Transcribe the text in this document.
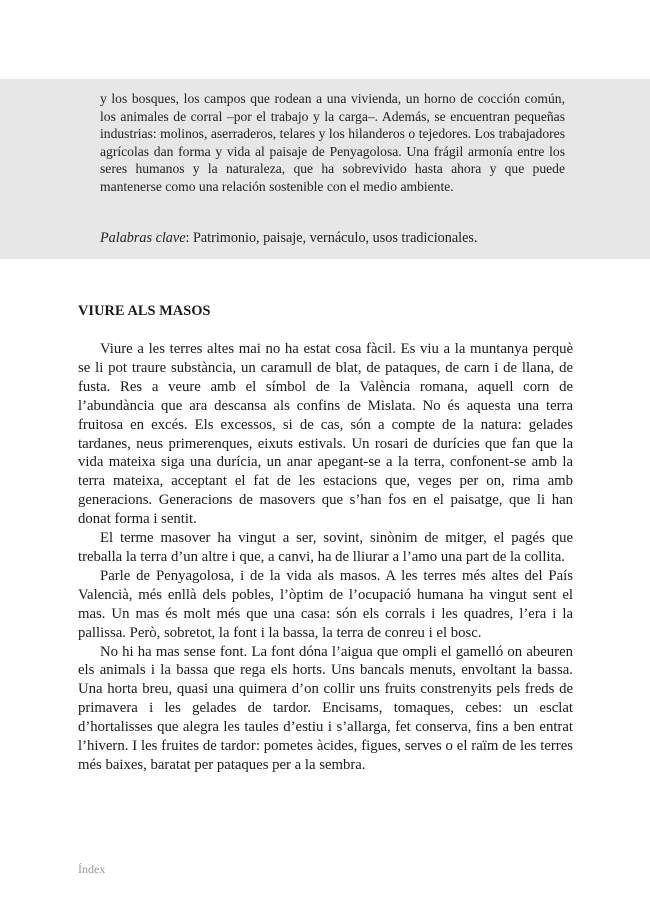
y los bosques, los campos que rodean a una vivienda, un horno de cocción común, los animales de corral –por el trabajo y la carga–. Además, se encuentran pequeñas industrias: molinos, aserraderos, telares y los hilanderos o tejedores. Los trabajadores agrícolas dan forma y vida al paisaje de Penyagolosa. Una frágil armonía entre los seres humanos y la naturaleza, que ha sobrevivido hasta ahora y que puede mantenerse como una relación sostenible con el medio ambiente.

Palabras clave: Patrimonio, paisaje, vernáculo, usos tradicionales.
VIURE ALS MASOS

Viure a les terres altes mai no ha estat cosa fàcil. Es viu a la muntanya perquè se li pot traure substància, un caramull de blat, de pataques, de carn i de llana, de fusta. Res a veure amb el símbol de la València romana, aquell corn de l’abundància que ara descansa als confins de Mislata. No és aquesta una terra fruitosa en excés. Els excessos, si de cas, són a compte de la natura: gelades tardanes, neus primerenques, eixuts estivals. Un rosari de durícies que fan que la vida mateixa siga una durícia, un anar apegant-se a la terra, confonent-se amb la terra mateixa, acceptant el fat de les estacions que, veges per on, rima amb generacions. Generacions de masovers que s’han fos en el paisatge, que li han donat forma i sentit.

El terme masover ha vingut a ser, sovint, sinònim de mitger, el pagés que treballa la terra d’un altre i que, a canvi, ha de lliurar a l’amo una part de la collita.

Parle de Penyagolosa, i de la vida als masos. A les terres més altes del País Valencià, més enllà dels pobles, l’òptim de l’ocupació humana ha vingut sent el mas. Un mas és molt més que una casa: són els corrals i les quadres, l’era i la pallissa. Però, sobretot, la font i la bassa, la terra de conreu i el bosc.

No hi ha mas sense font. La font dóna l’aigua que ompli el gamelló on abeuren els animals i la bassa que rega els horts. Uns bancals menuts, envoltant la bassa. Una horta breu, quasi una quimera d’on collir uns fruits constrenyits pels freds de primavera i les gelades de tardor. Encisams, tomaques, cebes: un esclat d’hortalisses que alegra les taules d’estiu i s’allarga, fet conserva, fins a ben entrat l’hivern. I les fruites de tardor: pometes àcides, figues, serves o el raïm de les terres més baixes, baratat per pataques per a la sembra.

Índex
